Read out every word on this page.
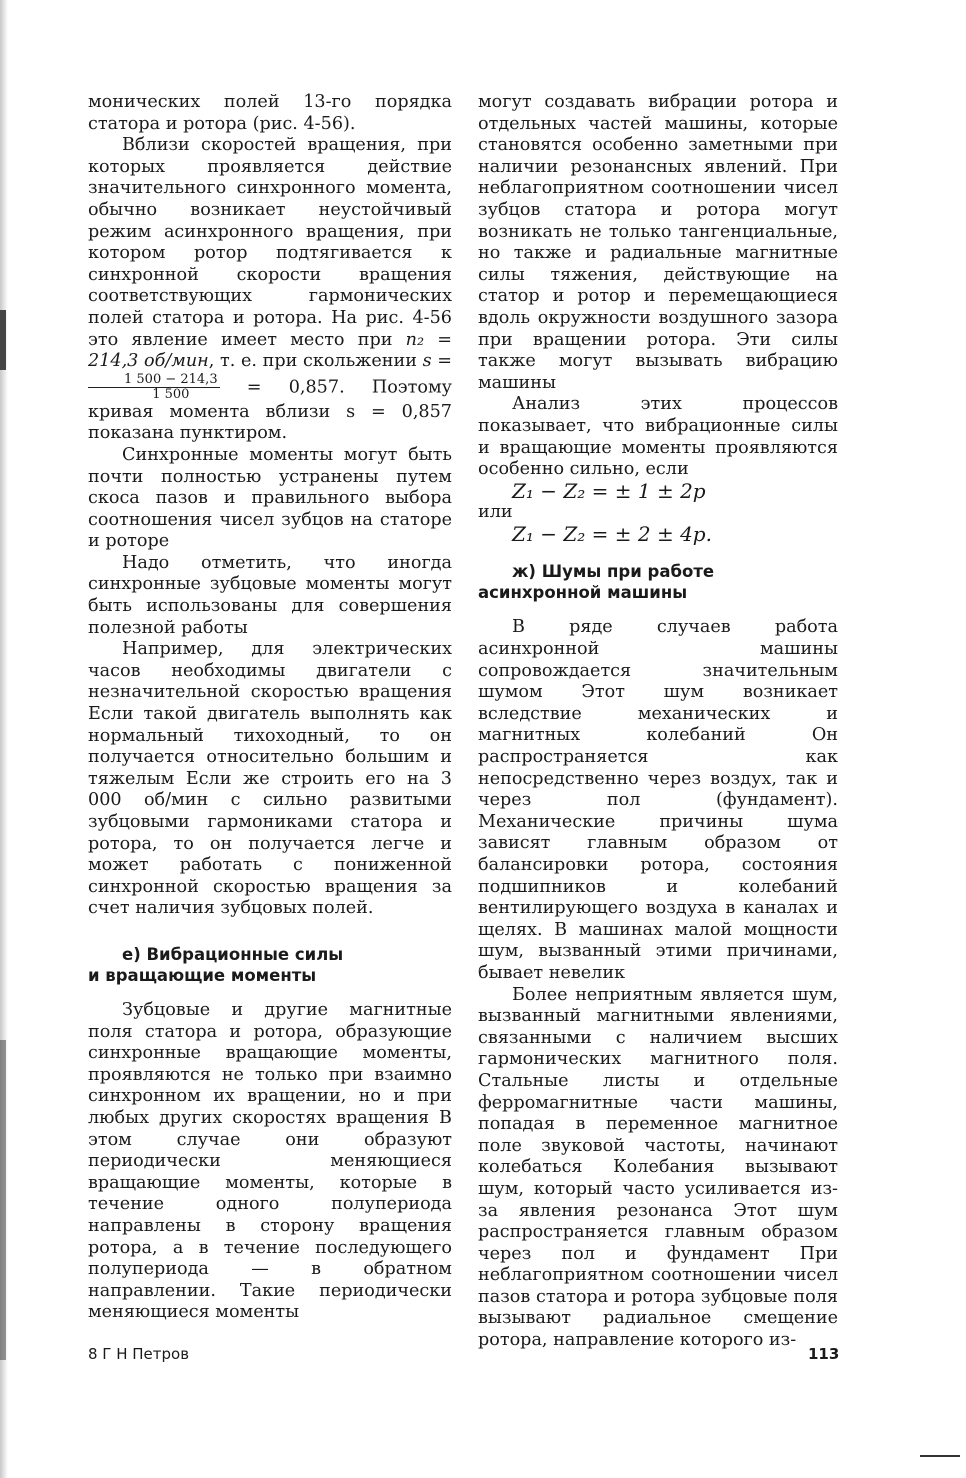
монических полей 13-го порядка статора и ротора (рис. 4-56).

Вблизи скоростей вращения, при которых проявляется действие значительного синхронного момента, обычно возникает неустойчивый режим асинхронного вращения, при котором ротор подтягивается к синхронной скорости вращения соответствующих гармонических полей статора и ротора. На рис. 4-56 это явление имеет место при n₂ = 214,3 об/мин, т. е. при скольжении s =
$\frac{1 500 - 214,3}{1 500} = 0,857$. Поэтому кривая момента вблизи s = 0,857 показана пунктиром.

Синхронные моменты могут быть почти полностью устранены путем скоса пазов и правильного выбора соотношения чисел зубцов на статоре и роторе

Надо отметить, что иногда синхронные зубцовые моменты могут быть использованы для совершения полезной работы

Например, для электрических часов необходимы двигатели с незначительной скоростью вращения Если такой двигатель выполнять как нормальный тихоходный, то он получается относительно большим и тяжелым Если же строить его на 3 000 об/мин с сильно развитыми зубцовыми гармониками статора и ротора, то он получается легче и может работать с пониженной синхронной скоростью вращения за счет наличия зубцовых полей.

е) Вибрационные силы
и вращающие моменты

Зубцовые и другие магнитные поля статора и ротора, образующие синхронные вращающие моменты, проявляются не только при взаимно синхронном их вращении, но и при любых других скоростях вращения В этом случае они образуют периодически меняющиеся вращающие моменты, которые в течение одного полупериода направлены в сторону вращения ротора, а в течение последующего полупериода — в обратном направлении. Такие периодически меняющиеся моменты

могут создавать вибрации ротора и отдельных частей машины, которые становятся особенно заметными при наличии резонансных явлений. При неблагоприятном соотношении чисел зубцов статора и ротора могут возникать не только тангенциальные, но также и радиальные магнитные силы тяжения, действующие на статор и ротор и перемещающиеся вдоль окружности воздушного зазора при вращении ротора. Эти силы также могут вызывать вибрацию машины

Анализ этих процессов показывает, что вибрационные силы и вращающие моменты проявляются особенно сильно, если

Z₁ − Z₂ = ± 1 ± 2p

или

Z₁ − Z₂ = ± 2 ± 4p.

ж) Шумы при работе
асинхронной машины

В ряде случаев работа асинхронной машины сопровождается значительным шумом Этот шум возникает вследствие механических и магнитных колебаний Он распространяется как непосредственно через воздух, так и через пол (фундамент). Механические причины шума зависят главным образом от балансировки ротора, состояния подшипников и колебаний вентилирующего воздуха в каналах и щелях. В машинах малой мощности шум, вызванный этими причинами, бывает невелик

Более неприятным является шум, вызванный магнитными явлениями, связанными с наличием высших гармонических магнитного поля. Стальные листы и отдельные ферромагнитные части машины, попадая в переменное магнитное поле звуковой частоты, начинают колебаться Колебания вызывают шум, который часто усиливается из-за явления резонанса Этот шум распространяется главным образом через пол и фундамент При неблагоприятном соотношении чисел пазов статора и ротора зубцовые поля вызывают радиальное смещение ротора, направление которого из-

8 Г Н Петров	113
